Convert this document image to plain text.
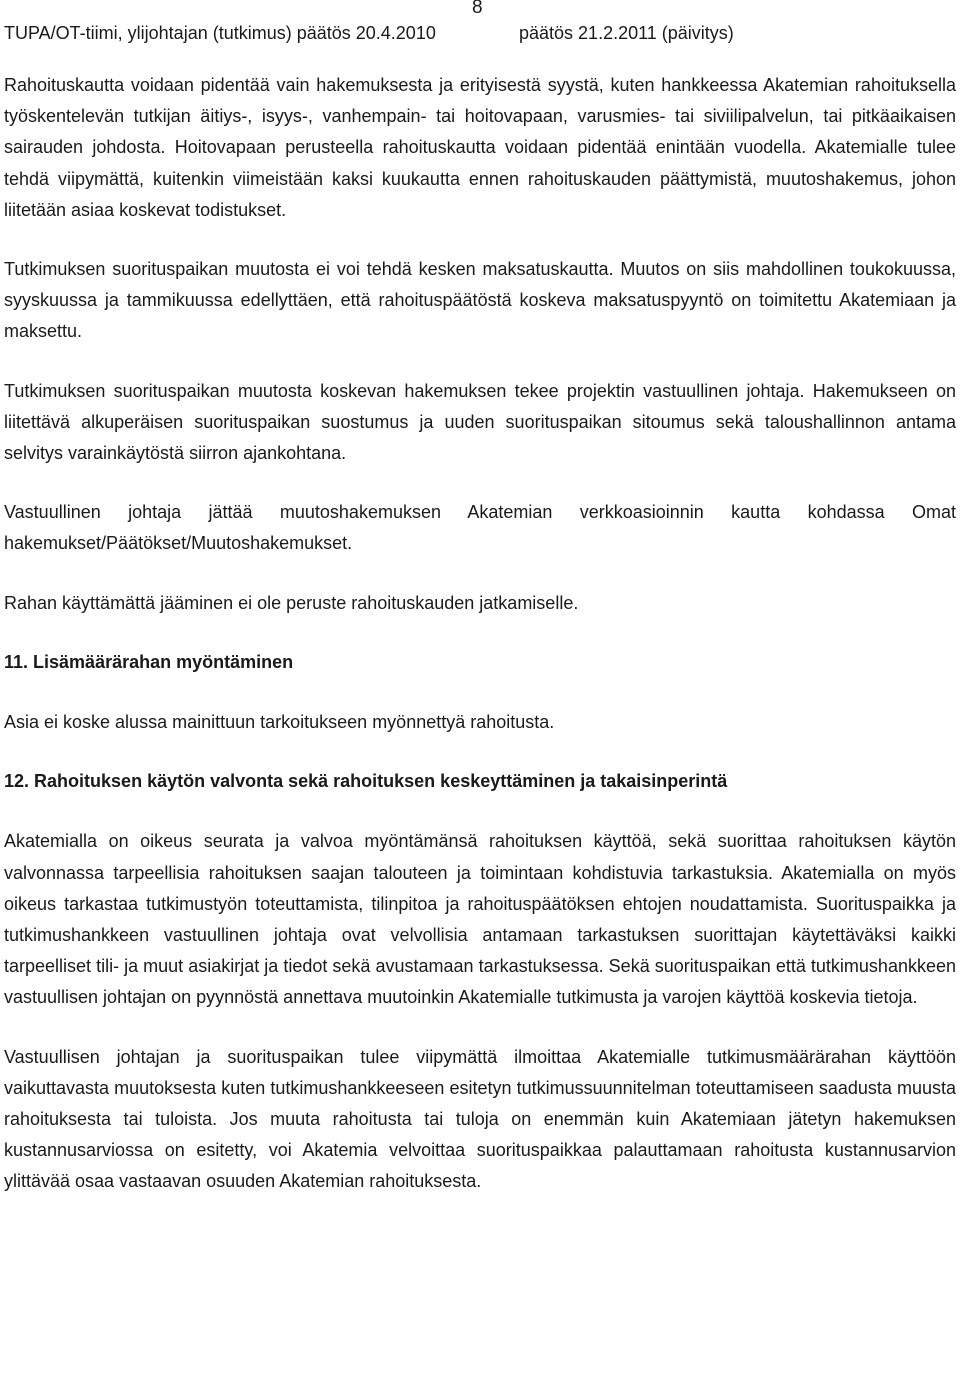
8
TUPA/OT-tiimi, ylijohtajan (tutkimus) päätös 20.4.2010	päätös 21.2.2011 (päivitys)

Rahoituskautta voidaan pidentää vain hakemuksesta ja erityisestä syystä, kuten hankkeessa Akatemian rahoituksella työskentelevän tutkijan äitiys-, isyys-, vanhempain- tai hoitovapaan, varusmies- tai siviilipalvelun, tai pitkäaikaisen sairauden johdosta. Hoitovapaan perusteella rahoituskautta voidaan pidentää enintään vuodella. Akatemialle tulee tehdä viipymättä, kuitenkin viimeistään kaksi kuukautta ennen rahoituskauden päättymistä, muutoshakemus, johon liitetään asiaa koskevat todistukset.

Tutkimuksen suorituspaikan muutosta ei voi tehdä kesken maksatuskautta. Muutos on siis mahdollinen toukokuussa, syyskuussa ja tammikuussa edellyttäen, että rahoituspäätöstä koskeva maksatuspyyntö on toimitettu Akatemiaan ja maksettu.

Tutkimuksen suorituspaikan muutosta koskevan hakemuksen tekee projektin vastuullinen johtaja. Hakemukseen on liitettävä alkuperäisen suorituspaikan suostumus ja uuden suorituspaikan sitoumus sekä taloushallinnon antama selvitys varainkäytöstä siirron ajankohtana.

Vastuullinen johtaja jättää muutoshakemuksen Akatemian verkkoasioinnin kautta kohdassa Omat hakemukset/Päätökset/Muutoshakemukset.

Rahan käyttämättä jääminen ei ole peruste rahoituskauden jatkamiselle.

11. Lisämäärärahan myöntäminen

Asia ei koske alussa mainittuun tarkoitukseen myönnettyä rahoitusta.

12. Rahoituksen käytön valvonta sekä rahoituksen keskeyttäminen ja takaisinperintä

Akatemialla on oikeus seurata ja valvoa myöntämänsä rahoituksen käyttöä, sekä suorittaa rahoituksen käytön valvonnassa tarpeellisia rahoituksen saajan talouteen ja toimintaan kohdistuvia tarkastuksia. Akatemialla on myös oikeus tarkastaa tutkimustyön toteuttamista, tilinpitoa ja rahoituspäätöksen ehtojen noudattamista. Suorituspaikka ja tutkimushankkeen vastuullinen johtaja ovat velvollisia antamaan tarkastuksen suorittajan käytettäväksi kaikki tarpeelliset tili- ja muut asiakirjat ja tiedot sekä avustamaan tarkastuksessa. Sekä suorituspaikan että tutkimushankkeen vastuullisen johtajan on pyynnöstä annettava muutoinkin Akatemialle tutkimusta ja varojen käyttöä koskevia tietoja.

Vastuullisen johtajan ja suorituspaikan tulee viipymättä ilmoittaa Akatemialle tutkimusmäärärahan käyttöön vaikuttavasta muutoksesta kuten tutkimushankkeeseen esitetyn tutkimussuunnitelman toteuttamiseen saadusta muusta rahoituksesta tai tuloista. Jos muuta rahoitusta tai tuloja on enemmän kuin Akatemiaan jätetyn hakemuksen kustannusarviossa on esitetty, voi Akatemia velvoittaa suorituspaikkaa palauttamaan rahoitusta kustannusarvion ylittävää osaa vastaavan osuuden Akatemian rahoituksesta.
